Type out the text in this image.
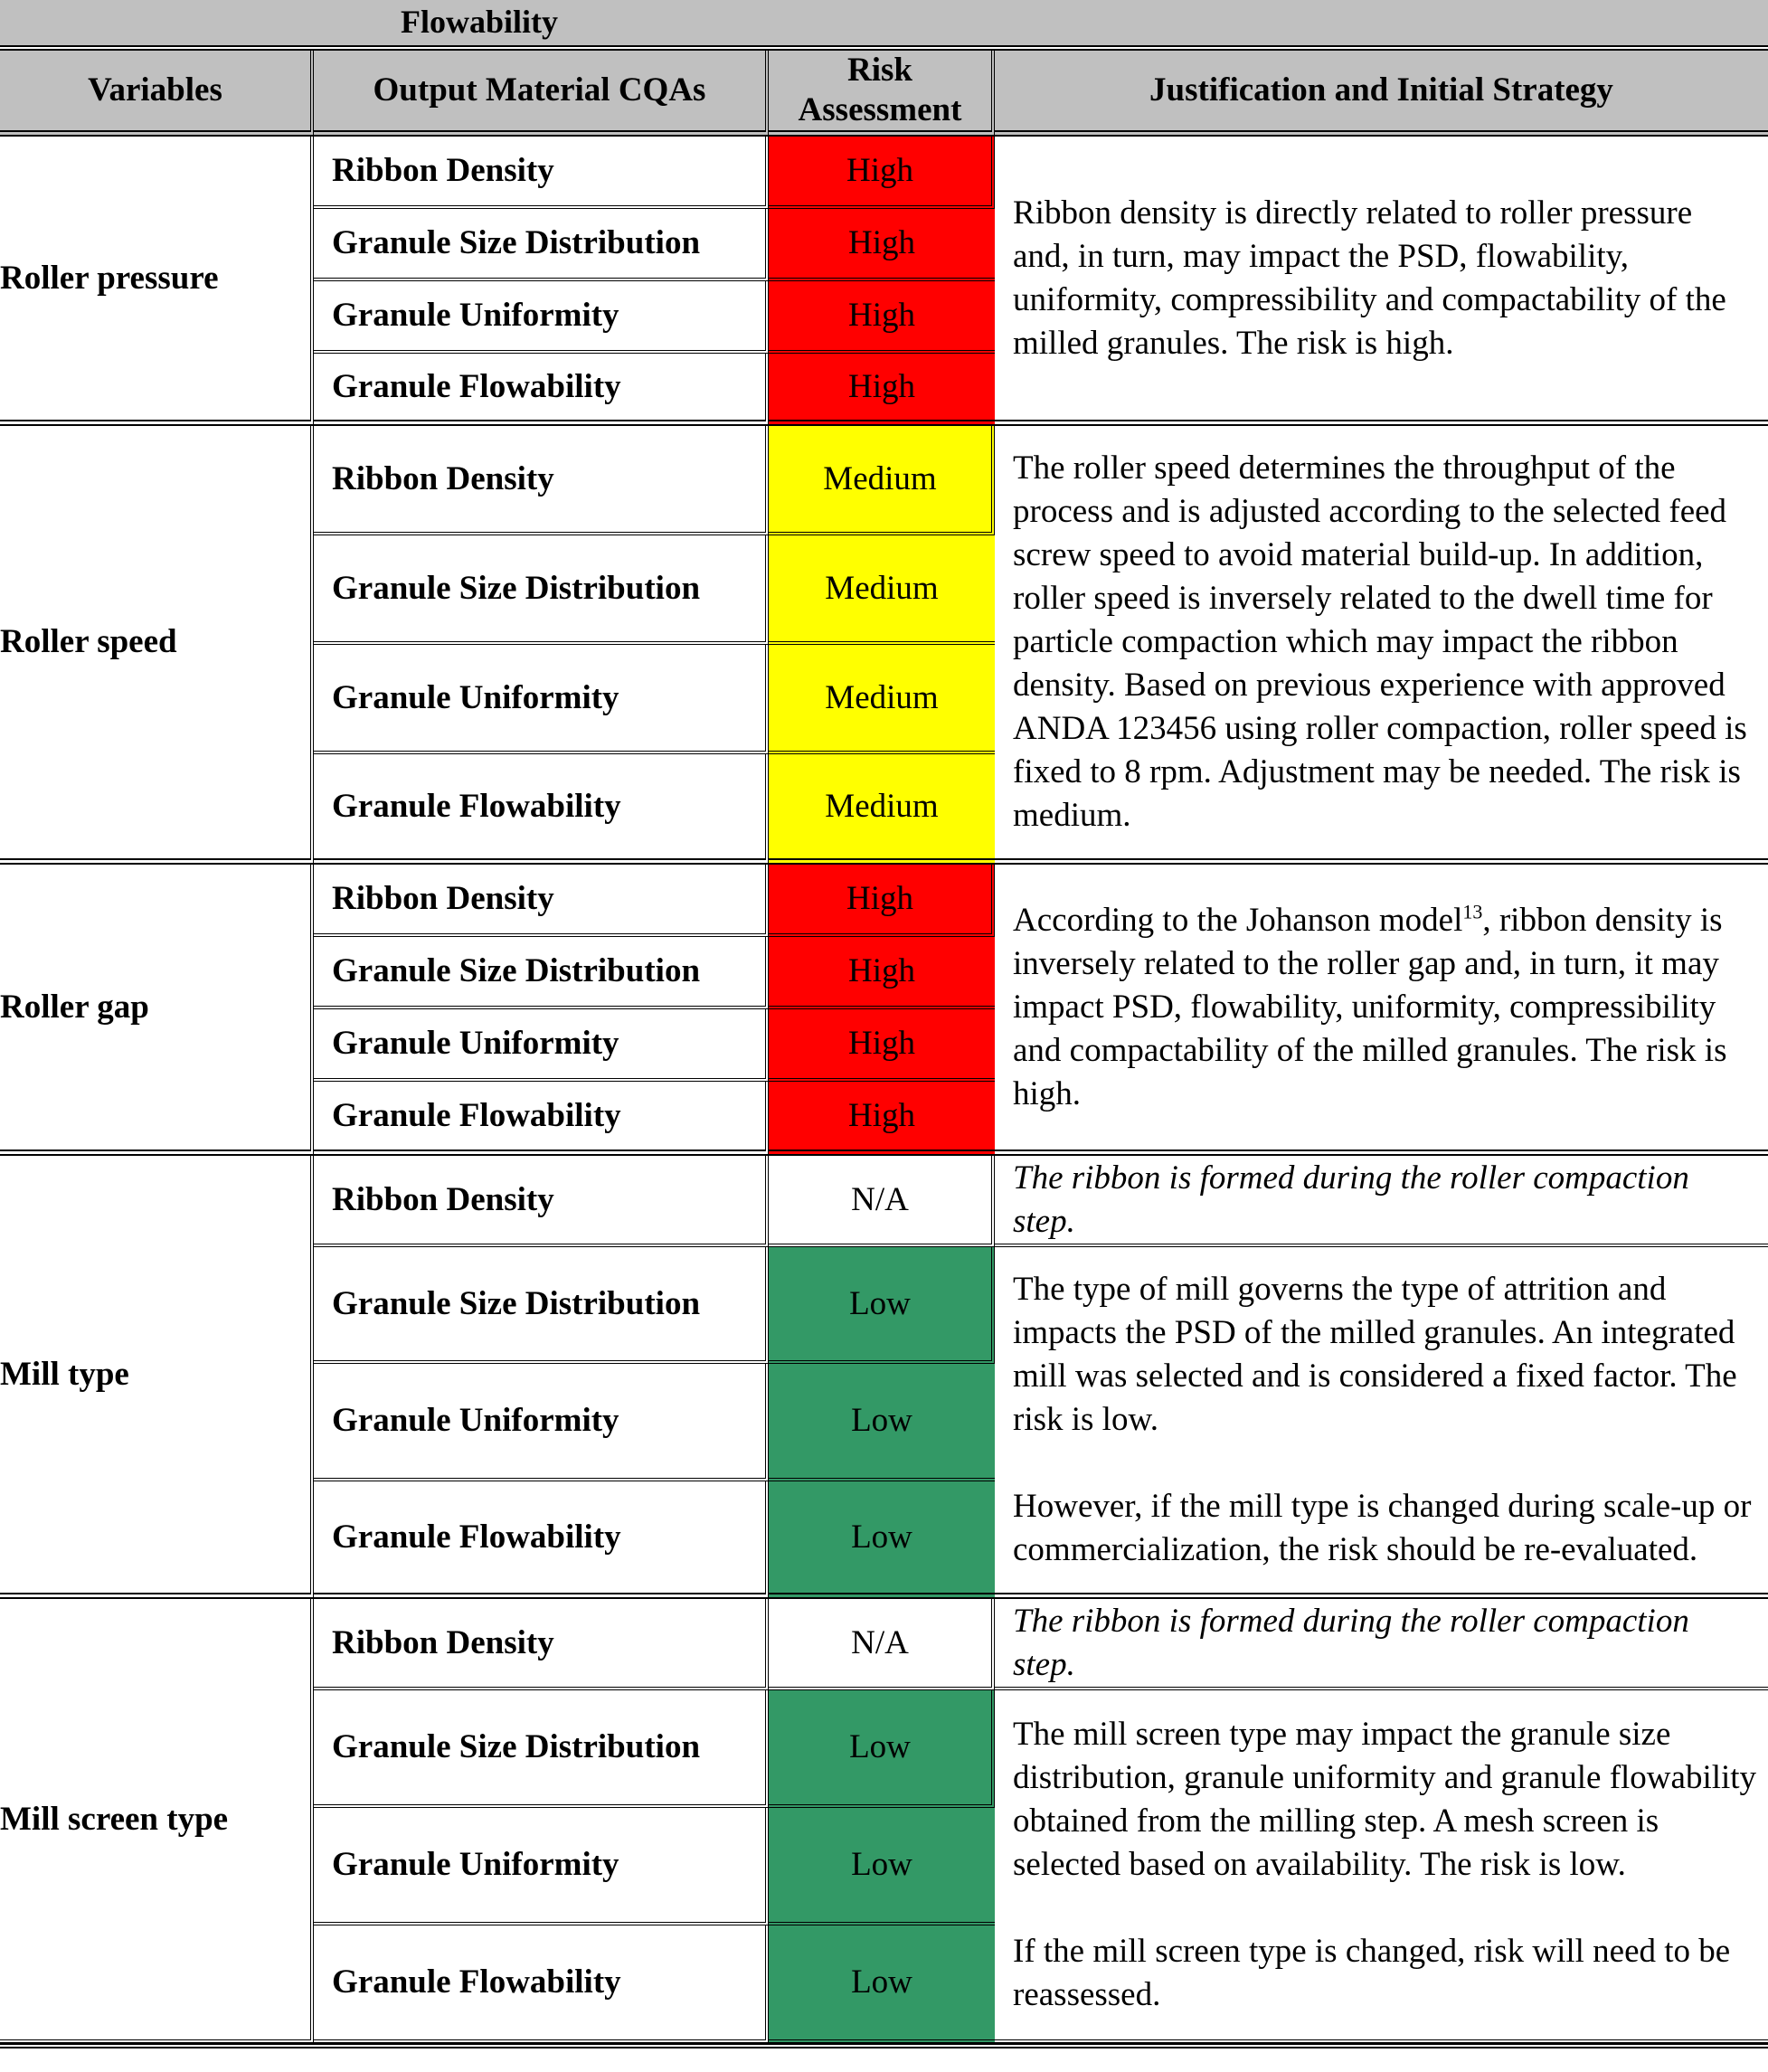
Flowability
Variables	Output Material CQAs	Risk Assessment	Justification and Initial Strategy
Roller pressure	Ribbon Density	High	Ribbon density is directly related to roller pressure and, in turn, may impact the PSD, flowability, uniformity, compressibility and compactability of the milled granules. The risk is high.
	Granule Size Distribution	High	
	Granule Uniformity	High	
	Granule Flowability	High	
Roller speed	Ribbon Density	Medium	The roller speed determines the throughput of the process and is adjusted according to the selected feed screw speed to avoid material build-up. In addition, roller speed is inversely related to the dwell time for particle compaction which may impact the ribbon density. Based on previous experience with approved ANDA 123456 using roller compaction, roller speed is fixed to 8 rpm. Adjustment may be needed. The risk is medium.
	Granule Size Distribution	Medium	
	Granule Uniformity	Medium	
	Granule Flowability	Medium	
Roller gap	Ribbon Density	High	According to the Johanson model$^{13}$, ribbon density is inversely related to the roller gap and, in turn, it may impact PSD, flowability, uniformity, compressibility and compactability of the milled granules. The risk is high.
	Granule Size Distribution	High	
	Granule Uniformity	High	
	Granule Flowability	High	
Mill type	Ribbon Density	N/A	The ribbon is formed during the roller compaction step.
	Granule Size Distribution	Low	The type of mill governs the type of attrition and impacts the PSD of the milled granules. An integrated mill was selected and is considered a fixed factor. The risk is low.
However, if the mill type is changed during scale-up or commercialization, the risk should be re-evaluated.

	Granule Uniformity	Low	
	Granule Flowability	Low	
Mill screen type	Ribbon Density	N/A	The ribbon is formed during the roller compaction step.
	Granule Size Distribution	Low	The mill screen type may impact the granule size distribution, granule uniformity and granule flowability obtained from the milling step. A mesh screen is selected based on availability. The risk is low.
If the mill screen type is changed, risk will need to be reassessed.

	Granule Uniformity	Low	
	Granule Flowability	Low	
